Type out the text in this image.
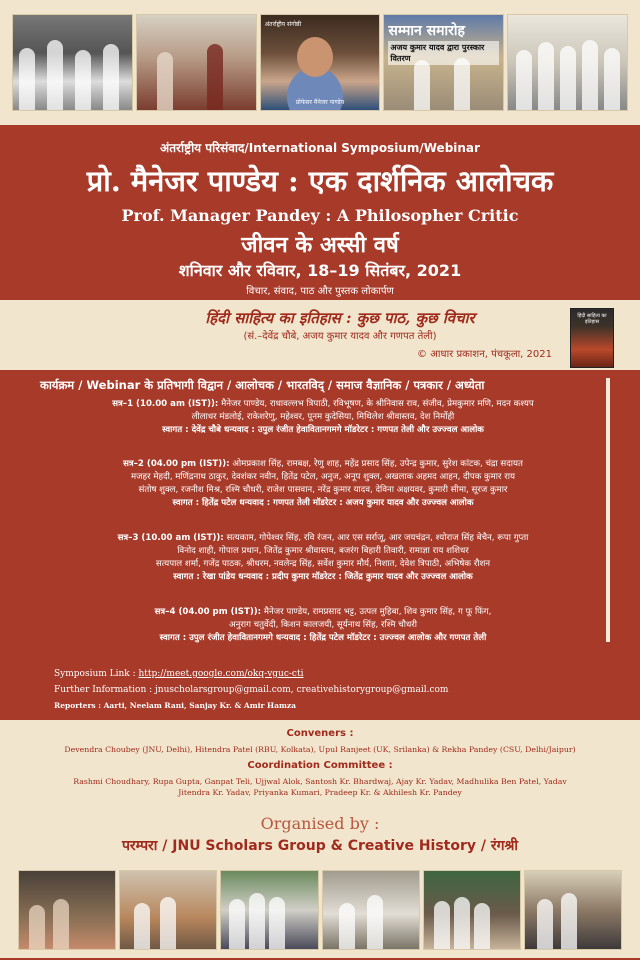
अंतर्राष्ट्रीय संगोष्ठी
प्रोफेसर मैनेजर पाण्डेय
सम्मान समारोह
अजय कुमार यादव द्वारा पुरस्कार वितरण
अंतर्राष्ट्रीय परिसंवाद/International Symposium/Webinar
प्रो. मैनेजर पाण्डेय : एक दार्शनिक आलोचक
Prof. Manager Pandey : A Philosopher Critic
जीवन के अस्सी वर्ष
शनिवार और रविवार, 18–19 सितंबर, 2021
विचार, संवाद, पाठ और पुस्तक लोकार्पण
हिंदी साहित्य का इतिहास : कुछ पाठ, कुछ विचार
(सं.–देवेंद्र चौबे, अजय कुमार यादव और गणपत तेली)
© आधार प्रकाशन, पंचकूला, 2021
हिंदी साहित्य का इतिहास
कार्यक्रम / Webinar के प्रतिभागी विद्वान / आलोचक / भारतविद् / समाज वैज्ञानिक / पत्रकार / अध्येता
सत्र–1 (10.00 am (IST)): मैनेजर पाण्डेय, राधावल्लभ त्रिपाठी, रविभूषण, के श्रीनिवास राव, संजीव, प्रेमकुमार मणि, मदन कश्यप
लीलाधर मंडलोई, राकेशरेणु, महेश्वर, पूनम कुदेसिया, मिथिलेश श्रीवास्तव, देश निर्मोही
स्वागत : देवेंद्र चौबे धन्यवाद : उपुल रंजीत हेवावितानगमगे मॉडरेटर : गणपत तेली और उज्ज्वल आलोक
सत्र–2 (04.00 pm (IST)): ओमप्रकाश सिंह, रामबक्ष, रेणु शाह, महेंद्र प्रसाद सिंह, उपेन्द्र कुमार, सुरेश कांटक, चंद्रा सदायत
मजहर मेहदी, मणिंद्रनाथ ठाकुर, देवशंकर नवीन, हितेंद्र पटेल, अनुज, अनूप शुक्ल, अखलाक अहमद आहन, दीपक कुमार राय
संतोष शुक्ल, रजनीश मिश्र, रश्मि चौधरी, राजेश पासवान, नरेंद्र कुमार यादव, देविना अक्षयवर, कुमारी सीमा, सूरज कुमार
स्वागत : हितेंद्र पटेल धन्यवाद : गणपत तेली मॉडरेटर : अजय कुमार यादव और उज्ज्वल आलोक
सत्र–3 (10.00 am (IST)): सत्यकाम, गोपेश्वर सिंह, रवि रंजन, आर एस सर्राजू, आर जयचंद्रन, श्योराज सिंह बेचैन, रूपा गुप्ता
विनोद शाही, गोपाल प्रधान, जितेंद्र कुमार श्रीवास्तव, बजरंग बिहारी तिवारी, रामाज्ञा राय शशिधर
सत्यपाल शर्मा, गजेंद्र पाठक, श्रीधरम, नवलेन्द्र सिंह, सर्वेश कुमार मौर्य, निशात, देवेश त्रिपाठी, अभिषेक रौशन
स्वागत : रेखा पांडेय धन्यवाद : प्रदीप कुमार मॉडरेटर : जितेंद्र कुमार यादव और उज्ज्वल आलोक
सत्र–4 (04.00 pm (IST)): मैनेजर पाण्डेय, रामप्रसाद भट्ट, उत्पल मुहिबा, शिव कुमार सिंह, ग फू फिंग,
अनुराग चतुर्वेदी, किशन कालजयी, सूर्यनाथ सिंह, रश्मि चौधरी
स्वागत : उपुल रंजीत हेवावितानगमगे धन्यवाद : हितेंद्र पटेल मॉडरेटर : उज्ज्वल आलोक और गणपत तेली
Symposium Link : http://meet.google.com/okq-vguc-cti
Further Information : jnuscholarsgroup@gmail.com, creativehistorygroup@gmail.com
Reporters : Aarti, Neelam Rani, Sanjay Kr. & Amir Hamza
Conveners :
Devendra Choubey (JNU, Delhi), Hitendra Patel (RBU, Kolkata), Upul Ranjeet (UK, Srilanka) & Rekha Pandey (CSU, Delhi/Jaipur)
Coordination Committee :
Rashmi Choudhary, Rupa Gupta, Ganpat Teli, Ujjwal Alok, Santosh Kr. Bhardwaj, Ajay Kr. Yadav, Madhulika Ben Patel, Yadav
Jitendra Kr. Yadav, Priyanka Kumari, Pradeep Kr. & Akhilesh Kr. Pandey
Organised by :
परम्परा / JNU Scholars Group & Creative History / रंगश्री
